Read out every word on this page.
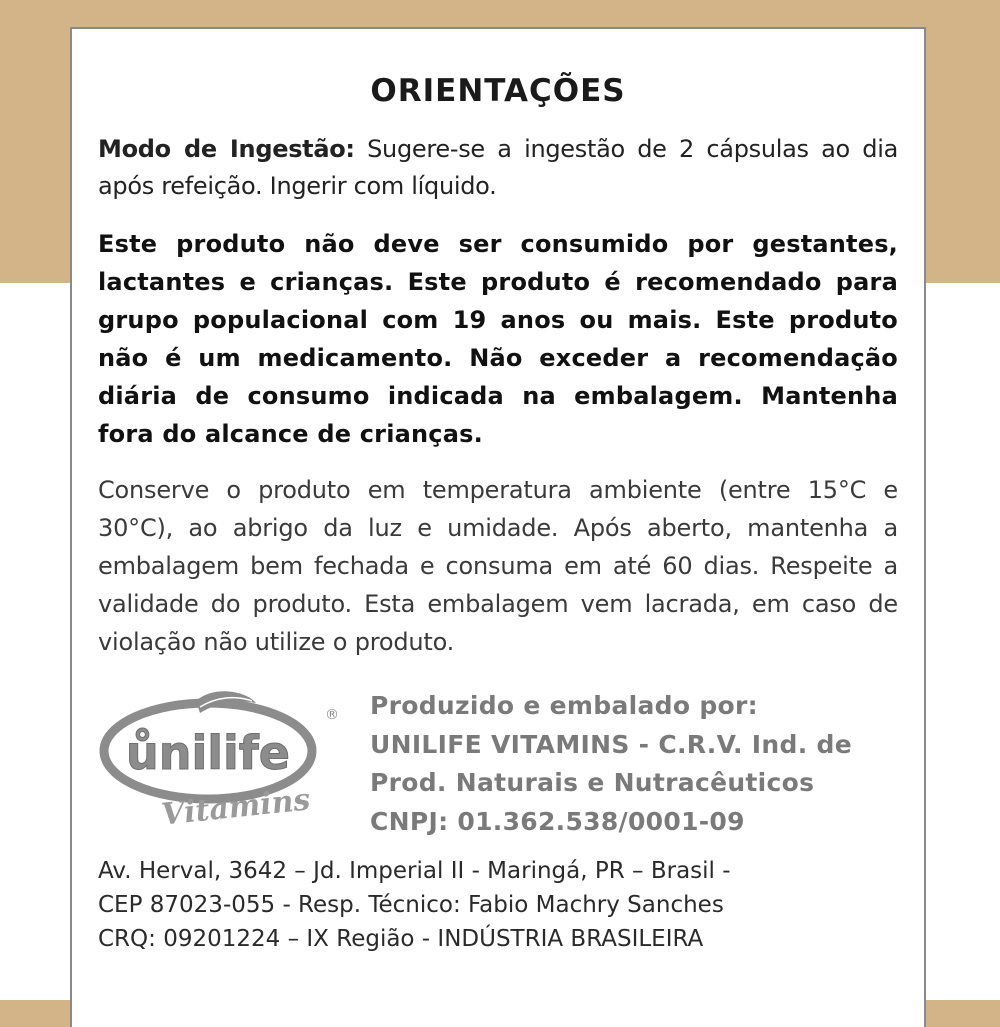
ORIENTAÇÕES
Modo de Ingestão: Sugere-se a ingestão de 2 cápsulas ao dia após refeição. Ingerir com líquido.
Este produto não deve ser consumido por gestantes, lactantes e crianças. Este produto é recomendado para grupo populacional com 19 anos ou mais. Este produto não é um medicamento. Não exceder a recomendação diária de consumo indicada na embalagem. Mantenha fora do alcance de crianças.
Conserve o produto em temperatura ambiente (entre 15°C e 30°C), ao abrigo da luz e umidade. Após aberto, mantenha a embalagem bem fechada e consuma em até 60 dias. Respeite a validade do produto. Esta embalagem vem lacrada, em caso de violação não utilize o produto.
ůnilife
Vitamins
® Produzido e embalado por:
UNILIFE VITAMINS - C.R.V. Ind. de
Prod. Naturais e Nutracêuticos
CNPJ: 01.362.538/0001-09
Av. Herval, 3642 – Jd. Imperial II - Maringá, PR – Brasil -
CEP 87023-055 - Resp. Técnico: Fabio Machry Sanches
CRQ: 09201224 – IX Região - INDÚSTRIA BRASILEIRA
